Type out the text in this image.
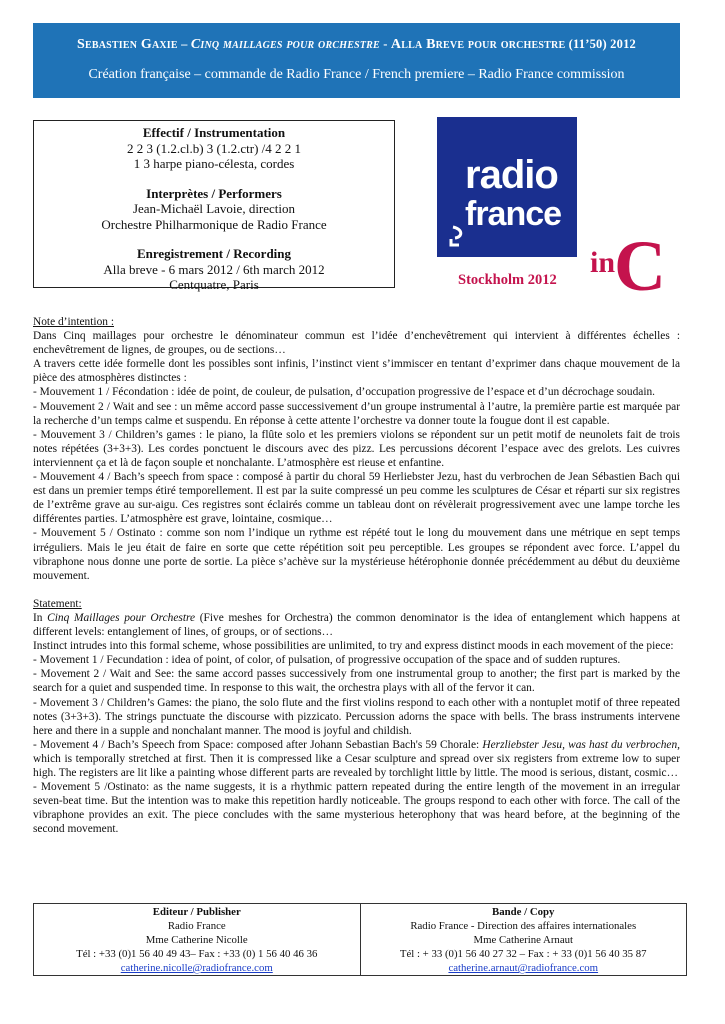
Sebastien Gaxie – Cinq maillages pour orchestre - Alla Breve pour orchestre (11’50) 2012
Création française – commande de Radio France / French premiere – Radio France commission
Effectif / Instrumentation
2 2 3 (1.2.cl.b) 3 (1.2.ctr) /4 2 2 1
1 3 harpe piano-célesta, cordes
Interprètes / Performers
Jean-Michaël Lavoie, direction
Orchestre Philharmonique de Radio France
Enregistrement / Recording
Alla breve - 6 mars 2012 / 6th march 2012
Centquatre, Paris
radio
france
in
C
Stockholm 2012

Note d’intention :

Dans Cinq maillages pour orchestre le dénominateur commun est l’idée d’enchevêtrement qui intervient à différentes échelles : enchevêtrement de lignes, de groupes, ou de sections…

A travers cette idée formelle dont les possibles sont infinis, l’instinct vient s’immiscer en tentant d’exprimer dans chaque mouvement de la pièce des atmosphères distinctes :

- Mouvement 1 / Fécondation : idée de point, de couleur, de pulsation, d’occupation progressive de l’espace et d’un décrochage soudain.

- Mouvement 2 / Wait and see : un même accord passe successivement d’un groupe instrumental à l’autre, la première partie est marquée par la recherche d’un temps calme et suspendu. En réponse à cette attente l’orchestre va donner toute la fougue dont il est capable.

- Mouvement 3 / Children’s games : le piano, la flûte solo et les premiers violons se répondent sur un petit motif de neunolets fait de trois notes répétées (3+3+3). Les cordes ponctuent le discours avec des pizz. Les percussions décorent l’espace avec des grelots. Les cuivres interviennent ça et là de façon souple et nonchalante. L’atmosphère est rieuse et enfantine.

- Mouvement 4 / Bach’s speech from space : composé à partir du choral 59 Herliebster Jezu, hast du verbrochen de Jean Sébastien Bach qui est dans un premier temps étiré temporellement. Il est par la suite compressé un peu comme les sculptures de César et réparti sur six registres de l’extrême grave au sur-aigu. Ces registres sont éclairés comme un tableau dont on révèlerait progressivement avec une lampe torche les différentes parties. L’atmosphère est grave, lointaine, cosmique…

- Mouvement 5 / Ostinato : comme son nom l’indique un rythme est répété tout le long du mouvement dans une métrique en sept temps irréguliers. Mais le jeu était de faire en sorte que cette répétition soit peu perceptible. Les groupes se répondent avec force. L’appel du vibraphone nous donne une porte de sortie. La pièce s’achève sur la mystérieuse hétérophonie donnée précédemment au début du deuxième mouvement.

Statement:

In Cinq Maillages pour Orchestre (Five meshes for Orchestra) the common denominator is the idea of entanglement which happens at different levels: entanglement of lines, of groups, or of sections…

Instinct intrudes into this formal scheme, whose possibilities are unlimited, to try and express distinct moods in each movement of the piece:

- Movement 1 / Fecundation : idea of point, of color, of pulsation, of progressive occupation of the space and of sudden ruptures.

- Movement 2 / Wait and See: the same accord passes successively from one instrumental group to another; the first part is marked by the search for a quiet and suspended time. In response to this wait, the orchestra plays with all of the fervor it can.

- Movement 3 / Children’s Games: the piano, the solo flute and the first violins respond to each other with a nontuplet motif of three repeated notes (3+3+3). The strings punctuate the discourse with pizzicato. Percussion adorns the space with bells. The brass instruments intervene here and there in a supple and nonchalant manner. The mood is joyful and childish.

- Movement 4 / Bach’s Speech from Space: composed after Johann Sebastian Bach's 59 Chorale: Herzliebster Jesu, was hast du verbrochen, which is temporally stretched at first. Then it is compressed like a Cesar sculpture and spread over six registers from extreme low to super high. The registers are lit like a painting whose different parts are revealed by torchlight little by little. The mood is serious, distant, cosmic…

- Movement 5 /Ostinato: as the name suggests, it is a rhythmic pattern repeated during the entire length of the movement in an irregular seven-beat time. But the intention was to make this repetition hardly noticeable. The groups respond to each other with force. The call of the vibraphone provides an exit. The piece concludes with the same mysterious heterophony that was heard before, at the beginning of the second movement.

Editeur / Publisher
Radio France
Mme Catherine Nicolle
Tél : +33 (0)1 56 40 49 43– Fax : +33 (0) 1 56 40 46 36
catherine.nicolle@radiofrance.com

Bande / Copy
Radio France - Direction des affaires internationales
Mme Catherine Arnaut
Tél : + 33 (0)1 56 40 27 32 – Fax : + 33 (0)1 56 40 35 87
catherine.arnaut@radiofrance.com
